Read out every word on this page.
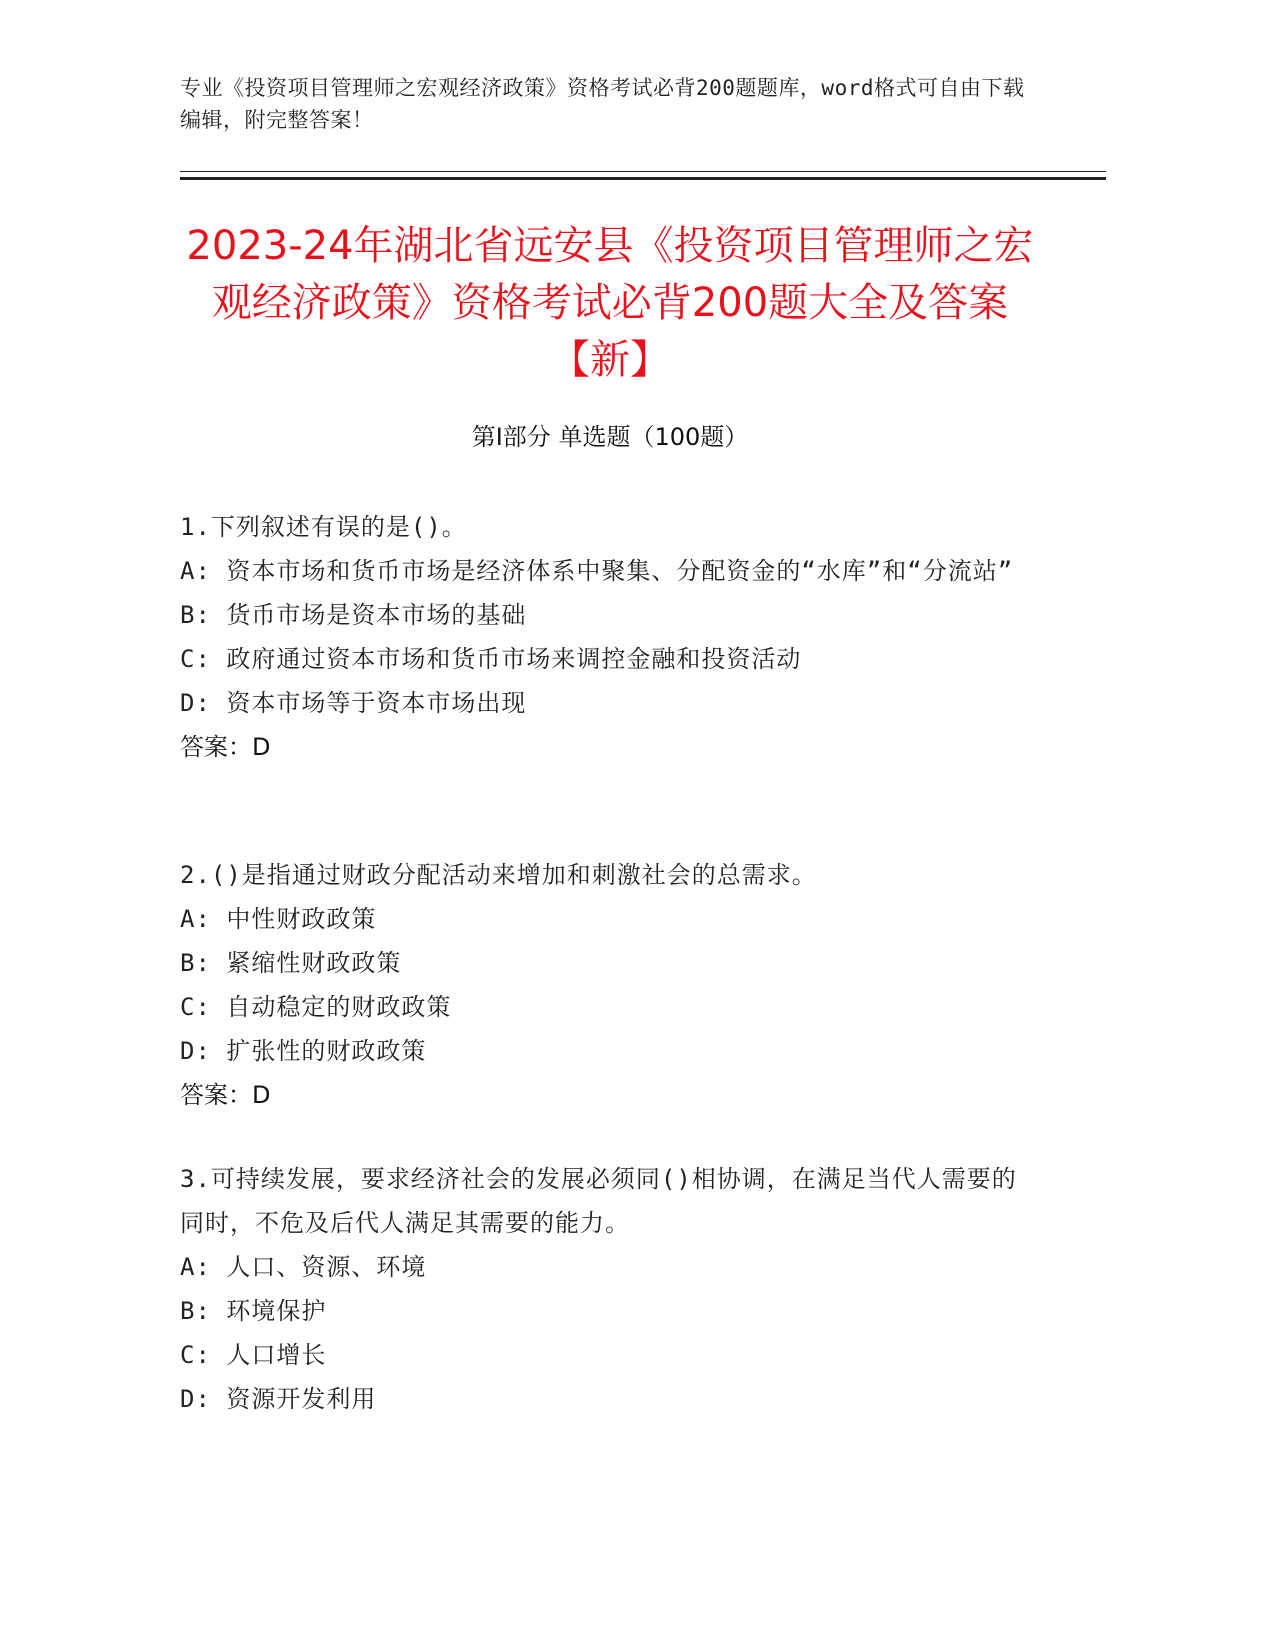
专业《投资项目管理师之宏观经济政策》资格考试必背200题题库，word格式可自由下载编辑，附完整答案！
2023-24年湖北省远安县《投资项目管理师之宏观经济政策》资格考试必背200题大全及答案【新】
第I部分 单选题（100题）

1.下列叙述有误的是()。

A: 资本市场和货币市场是经济体系中聚集、分配资金的“水库”和“分流站”

B: 货币市场是资本市场的基础

C: 政府通过资本市场和货币市场来调控金融和投资活动

D: 资本市场等于资本市场出现

答案：D

2.()是指通过财政分配活动来增加和刺激社会的总需求。

A: 中性财政政策

B: 紧缩性财政政策

C: 自动稳定的财政政策

D: 扩张性的财政政策

答案：D

3.可持续发展，要求经济社会的发展必须同()相协调，在满足当代人需要的同时，不危及后代人满足其需要的能力。

A: 人口、资源、环境

B: 环境保护

C: 人口增长

D: 资源开发利用
